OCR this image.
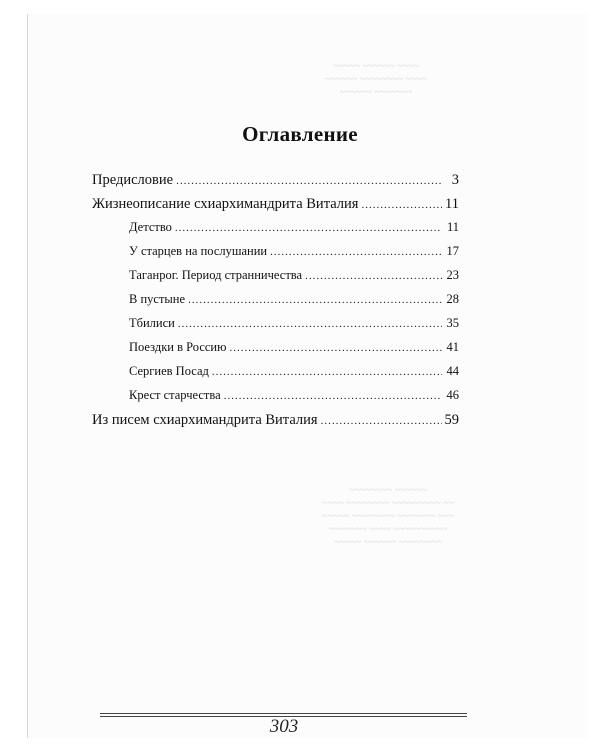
~~~~~ ~~~~~~ ~~~~
~~~~~~ ~~~~~~~~ ~~~~
~~~~~~ ~~~~~~~
~~~~~~~~ ~~~~~~
~~~~ ~~~~~~~~ ~~~~~~~~~ ~~
~~~~~ ~~~~~~~~ ~~~~~~~ ~~~
~~~~~~~ ~~~~ ~~~~~~~~~~
~~~~~ ~~~~~~ ~~~~~~~~
Оглавление
Предисловие .....	3
Жизнеописание схиархимандрита Виталия .....	11
Детство .....	11
У старцев на послушании .....	17
Таганрог. Период странничества .....	23
В пустыне .....	28
Тбилиси .....	35
Поездки в Россию .....	41
Сергиев Посад .....	44
Крест старчества .....	46
Из писем схиархимандрита Виталия .....	59
303
